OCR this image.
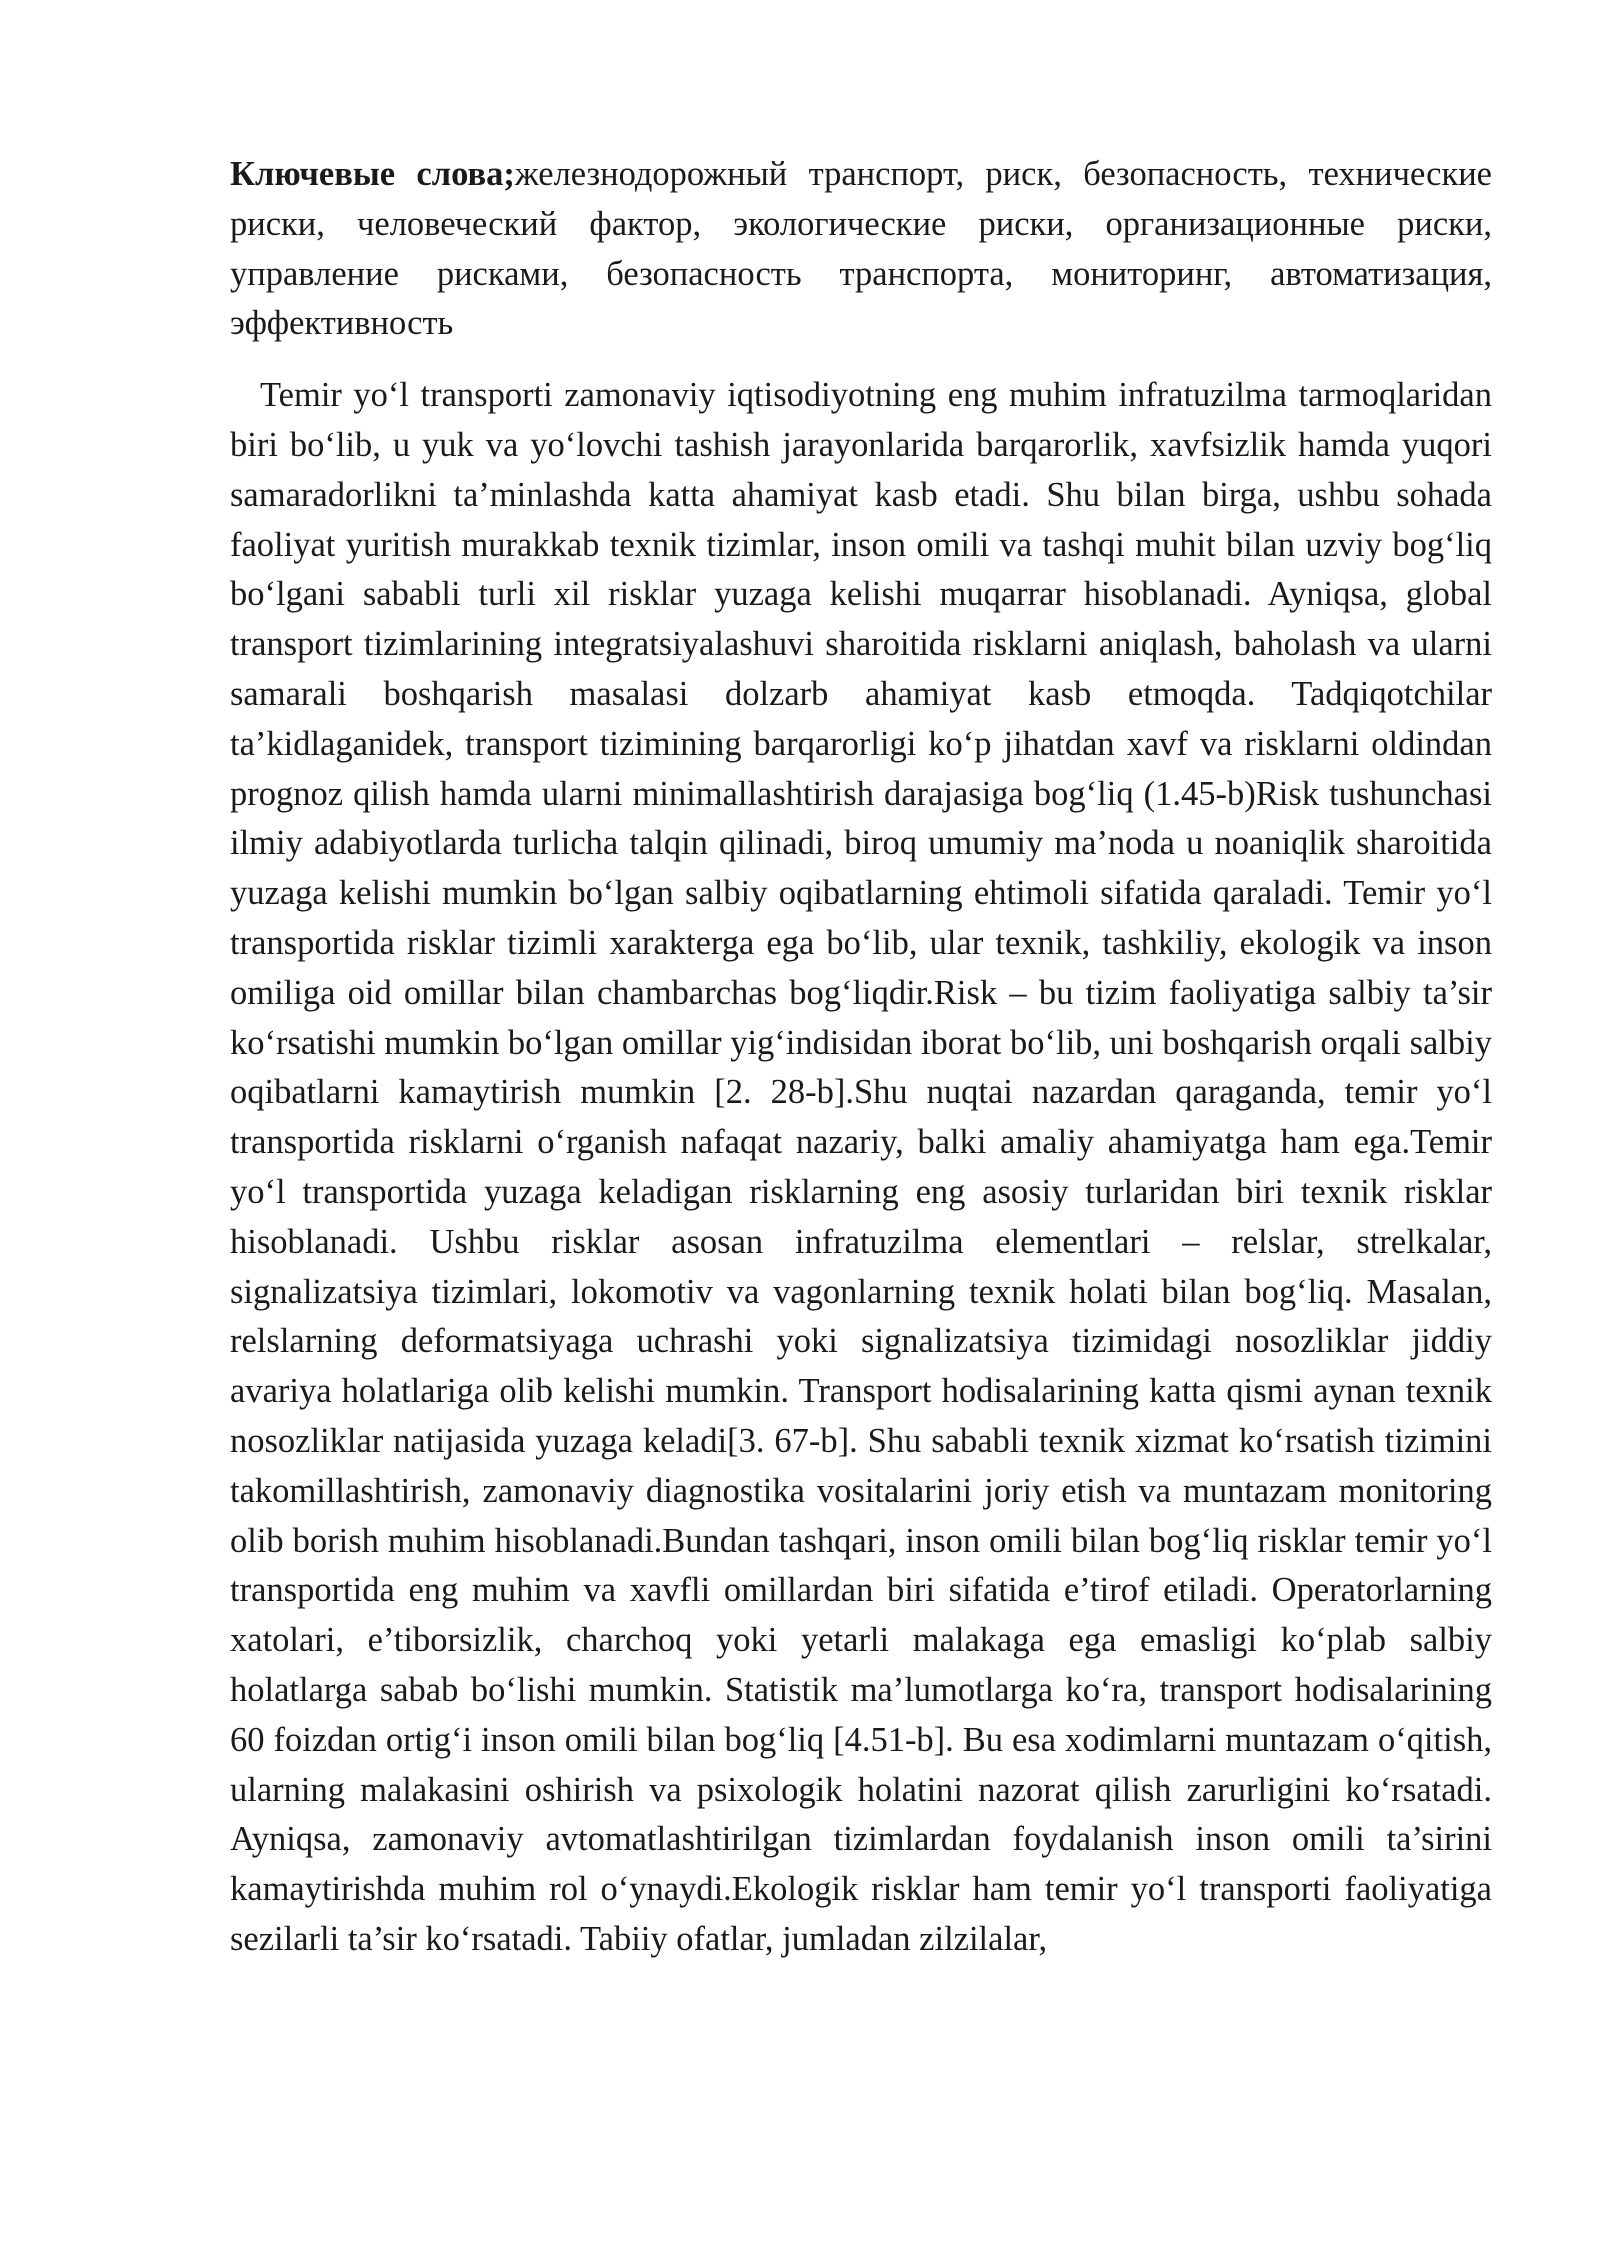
Ключевые слова;железнодорожный транспорт, риск, безопасность, технические риски, человеческий фактор, экологические риски, организационные риски, управление рисками, безопасность транспорта, мониторинг, автоматизация, эффективность

Temir yo‘l transporti zamonaviy iqtisodiyotning eng muhim infratuzilma tarmoqlaridan biri bo‘lib, u yuk va yo‘lovchi tashish jarayonlarida barqarorlik, xavfsizlik hamda yuqori samaradorlikni ta’minlashda katta ahamiyat kasb etadi. Shu bilan birga, ushbu sohada faoliyat yuritish murakkab texnik tizimlar, inson omili va tashqi muhit bilan uzviy bog‘liq bo‘lgani sababli turli xil risklar yuzaga kelishi muqarrar hisoblanadi. Ayniqsa, global transport tizimlarining integratsiyalashuvi sharoitida risklarni aniqlash, baholash va ularni samarali boshqarish masalasi dolzarb ahamiyat kasb etmoqda. Tadqiqotchilar ta’kidlaganidek, transport tizimining barqarorligi ko‘p jihatdan xavf va risklarni oldindan prognoz qilish hamda ularni minimallashtirish darajasiga bog‘liq (1.45-b)Risk tushunchasi ilmiy adabiyotlarda turlicha talqin qilinadi, biroq umumiy ma’noda u noaniqlik sharoitida yuzaga kelishi mumkin bo‘lgan salbiy oqibatlarning ehtimoli sifatida qaraladi. Temir yo‘l transportida risklar tizimli xarakterga ega bo‘lib, ular texnik, tashkiliy, ekologik va inson omiliga oid omillar bilan chambarchas bog‘liqdir.Risk – bu tizim faoliyatiga salbiy ta’sir ko‘rsatishi mumkin bo‘lgan omillar yig‘indisidan iborat bo‘lib, uni boshqarish orqali salbiy oqibatlarni kamaytirish mumkin [2. 28-b].Shu nuqtai nazardan qaraganda, temir yo‘l transportida risklarni o‘rganish nafaqat nazariy, balki amaliy ahamiyatga ham ega.Temir yo‘l transportida yuzaga keladigan risklarning eng asosiy turlaridan biri texnik risklar hisoblanadi. Ushbu risklar asosan infratuzilma elementlari – relslar, strelkalar, signalizatsiya tizimlari, lokomotiv va vagonlarning texnik holati bilan bog‘liq. Masalan, relslarning deformatsiyaga uchrashi yoki signalizatsiya tizimidagi nosozliklar jiddiy avariya holatlariga olib kelishi mumkin. Transport hodisalarining katta qismi aynan texnik nosozliklar natijasida yuzaga keladi[3. 67-b]. Shu sababli texnik xizmat ko‘rsatish tizimini takomillashtirish, zamonaviy diagnostika vositalarini joriy etish va muntazam monitoring olib borish muhim hisoblanadi.Bundan tashqari, inson omili bilan bog‘liq risklar temir yo‘l transportida eng muhim va xavfli omillardan biri sifatida e’tirof etiladi. Operatorlarning xatolari, e’tiborsizlik, charchoq yoki yetarli malakaga ega emasligi ko‘plab salbiy holatlarga sabab bo‘lishi mumkin. Statistik ma’lumotlarga ko‘ra, transport hodisalarining 60 foizdan ortig‘i inson omili bilan bog‘liq [4.51-b]. Bu esa xodimlarni muntazam o‘qitish, ularning malakasini oshirish va psixologik holatini nazorat qilish zarurligini ko‘rsatadi. Ayniqsa, zamonaviy avtomatlashtirilgan tizimlardan foydalanish inson omili ta’sirini kamaytirishda muhim rol o‘ynaydi.Ekologik risklar ham temir yo‘l transporti faoliyatiga sezilarli ta’sir ko‘rsatadi. Tabiiy ofatlar, jumladan zilzilalar,
